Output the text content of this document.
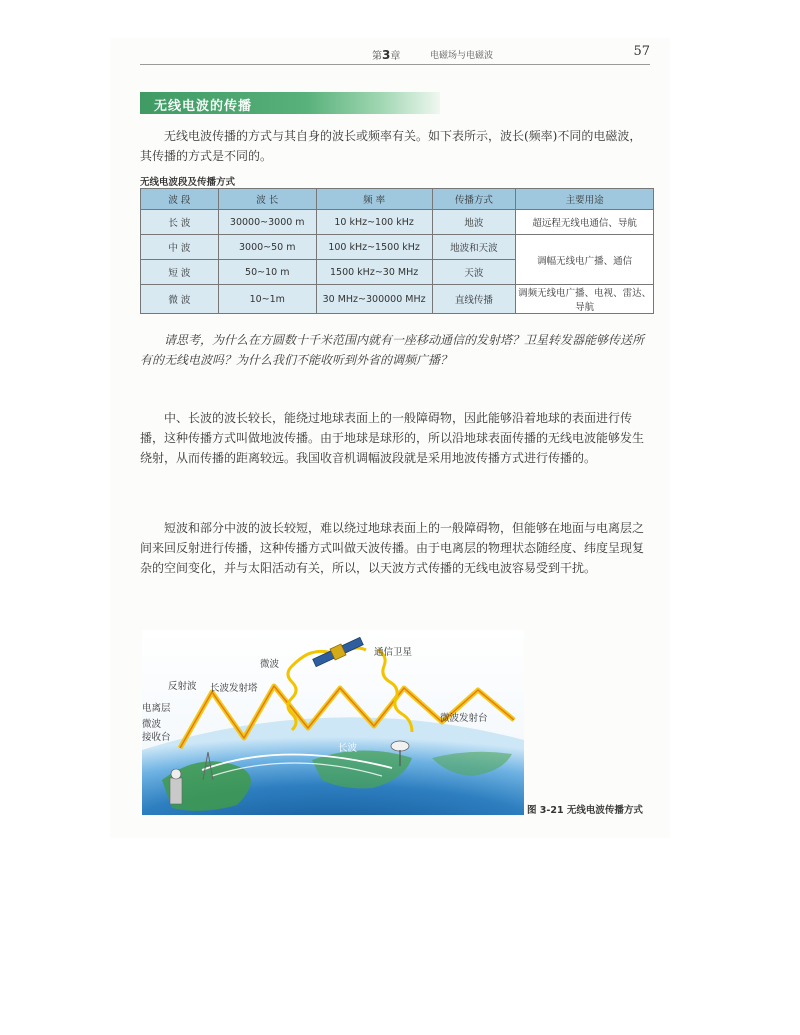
第3章	电磁场与电磁波	57
无线电波的传播

无线电波传播的方式与其自身的波长或频率有关。如下表所示，波长(频率)不同的电磁波，其传播的方式是不同的。

无线电波段及传播方式
波 段	波 长	频 率	传播方式	主要用途
长 波	30000~3000 m	10 kHz~100 kHz	地波	超远程无线电通信、导航
中 波	3000~50 m	100 kHz~1500 kHz	地波和天波	调幅无线电广播、通信
短 波	50~10 m	1500 kHz~30 MHz	天波	
微 波	10~1m	30 MHz~300000 MHz	直线传播	调频无线电广播、电视、雷达、导航

请思考，为什么在方圆数十千米范围内就有一座移动通信的发射塔？卫星转发器能够传送所有的无线电波吗？为什么我们不能收听到外省的调频广播？

中、长波的波长较长，能绕过地球表面上的一般障碍物，因此能够沿着地球的表面进行传播，这种传播方式叫做地波传播。由于地球是球形的，所以沿地球表面传播的无线电波能够发生绕射，从而传播的距离较远。我国收音机调幅波段就是采用地波传播方式进行传播的。

短波和部分中波的波长较短，难以绕过地球表面上的一般障碍物，但能够在地面与电离层之间来回反射进行传播，这种传播方式叫做天波传播。由于电离层的物理状态随经度、纬度呈现复杂的空间变化，并与太阳活动有关，所以，以天波方式传播的无线电波容易受到干扰。

通信卫星
微波
反射波 长波发射塔
电离层
微波
接收台
微波发射台
长波
图 3-21 无线电波传播方式
